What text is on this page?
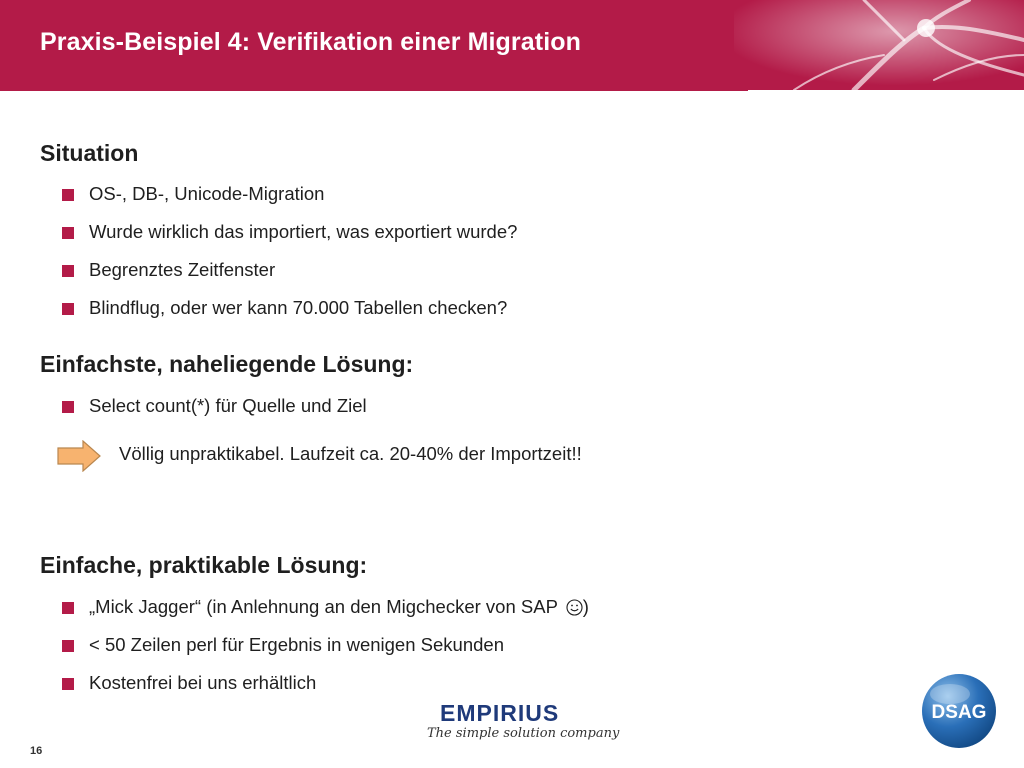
Praxis-Beispiel 4: Verifikation einer Migration
Situation
OS-, DB-, Unicode-Migration
Wurde wirklich das importiert, was exportiert wurde?
Begrenztes Zeitfenster
Blindflug, oder wer kann 70.000 Tabellen checken?
Einfachste, naheliegende Lösung:
Select count(*) für Quelle und Ziel
Völlig unpraktikabel. Laufzeit ca. 20-40% der Importzeit!!
Einfache, praktikable Lösung:
„Mick Jagger“ (in Anlehnung an den Migchecker von SAP )
< 50 Zeilen perl für Ergebnis in wenigen Sekunden
Kostenfrei bei uns erhältlich
16
EMPIRIUS
The simple solution company
DSAG
